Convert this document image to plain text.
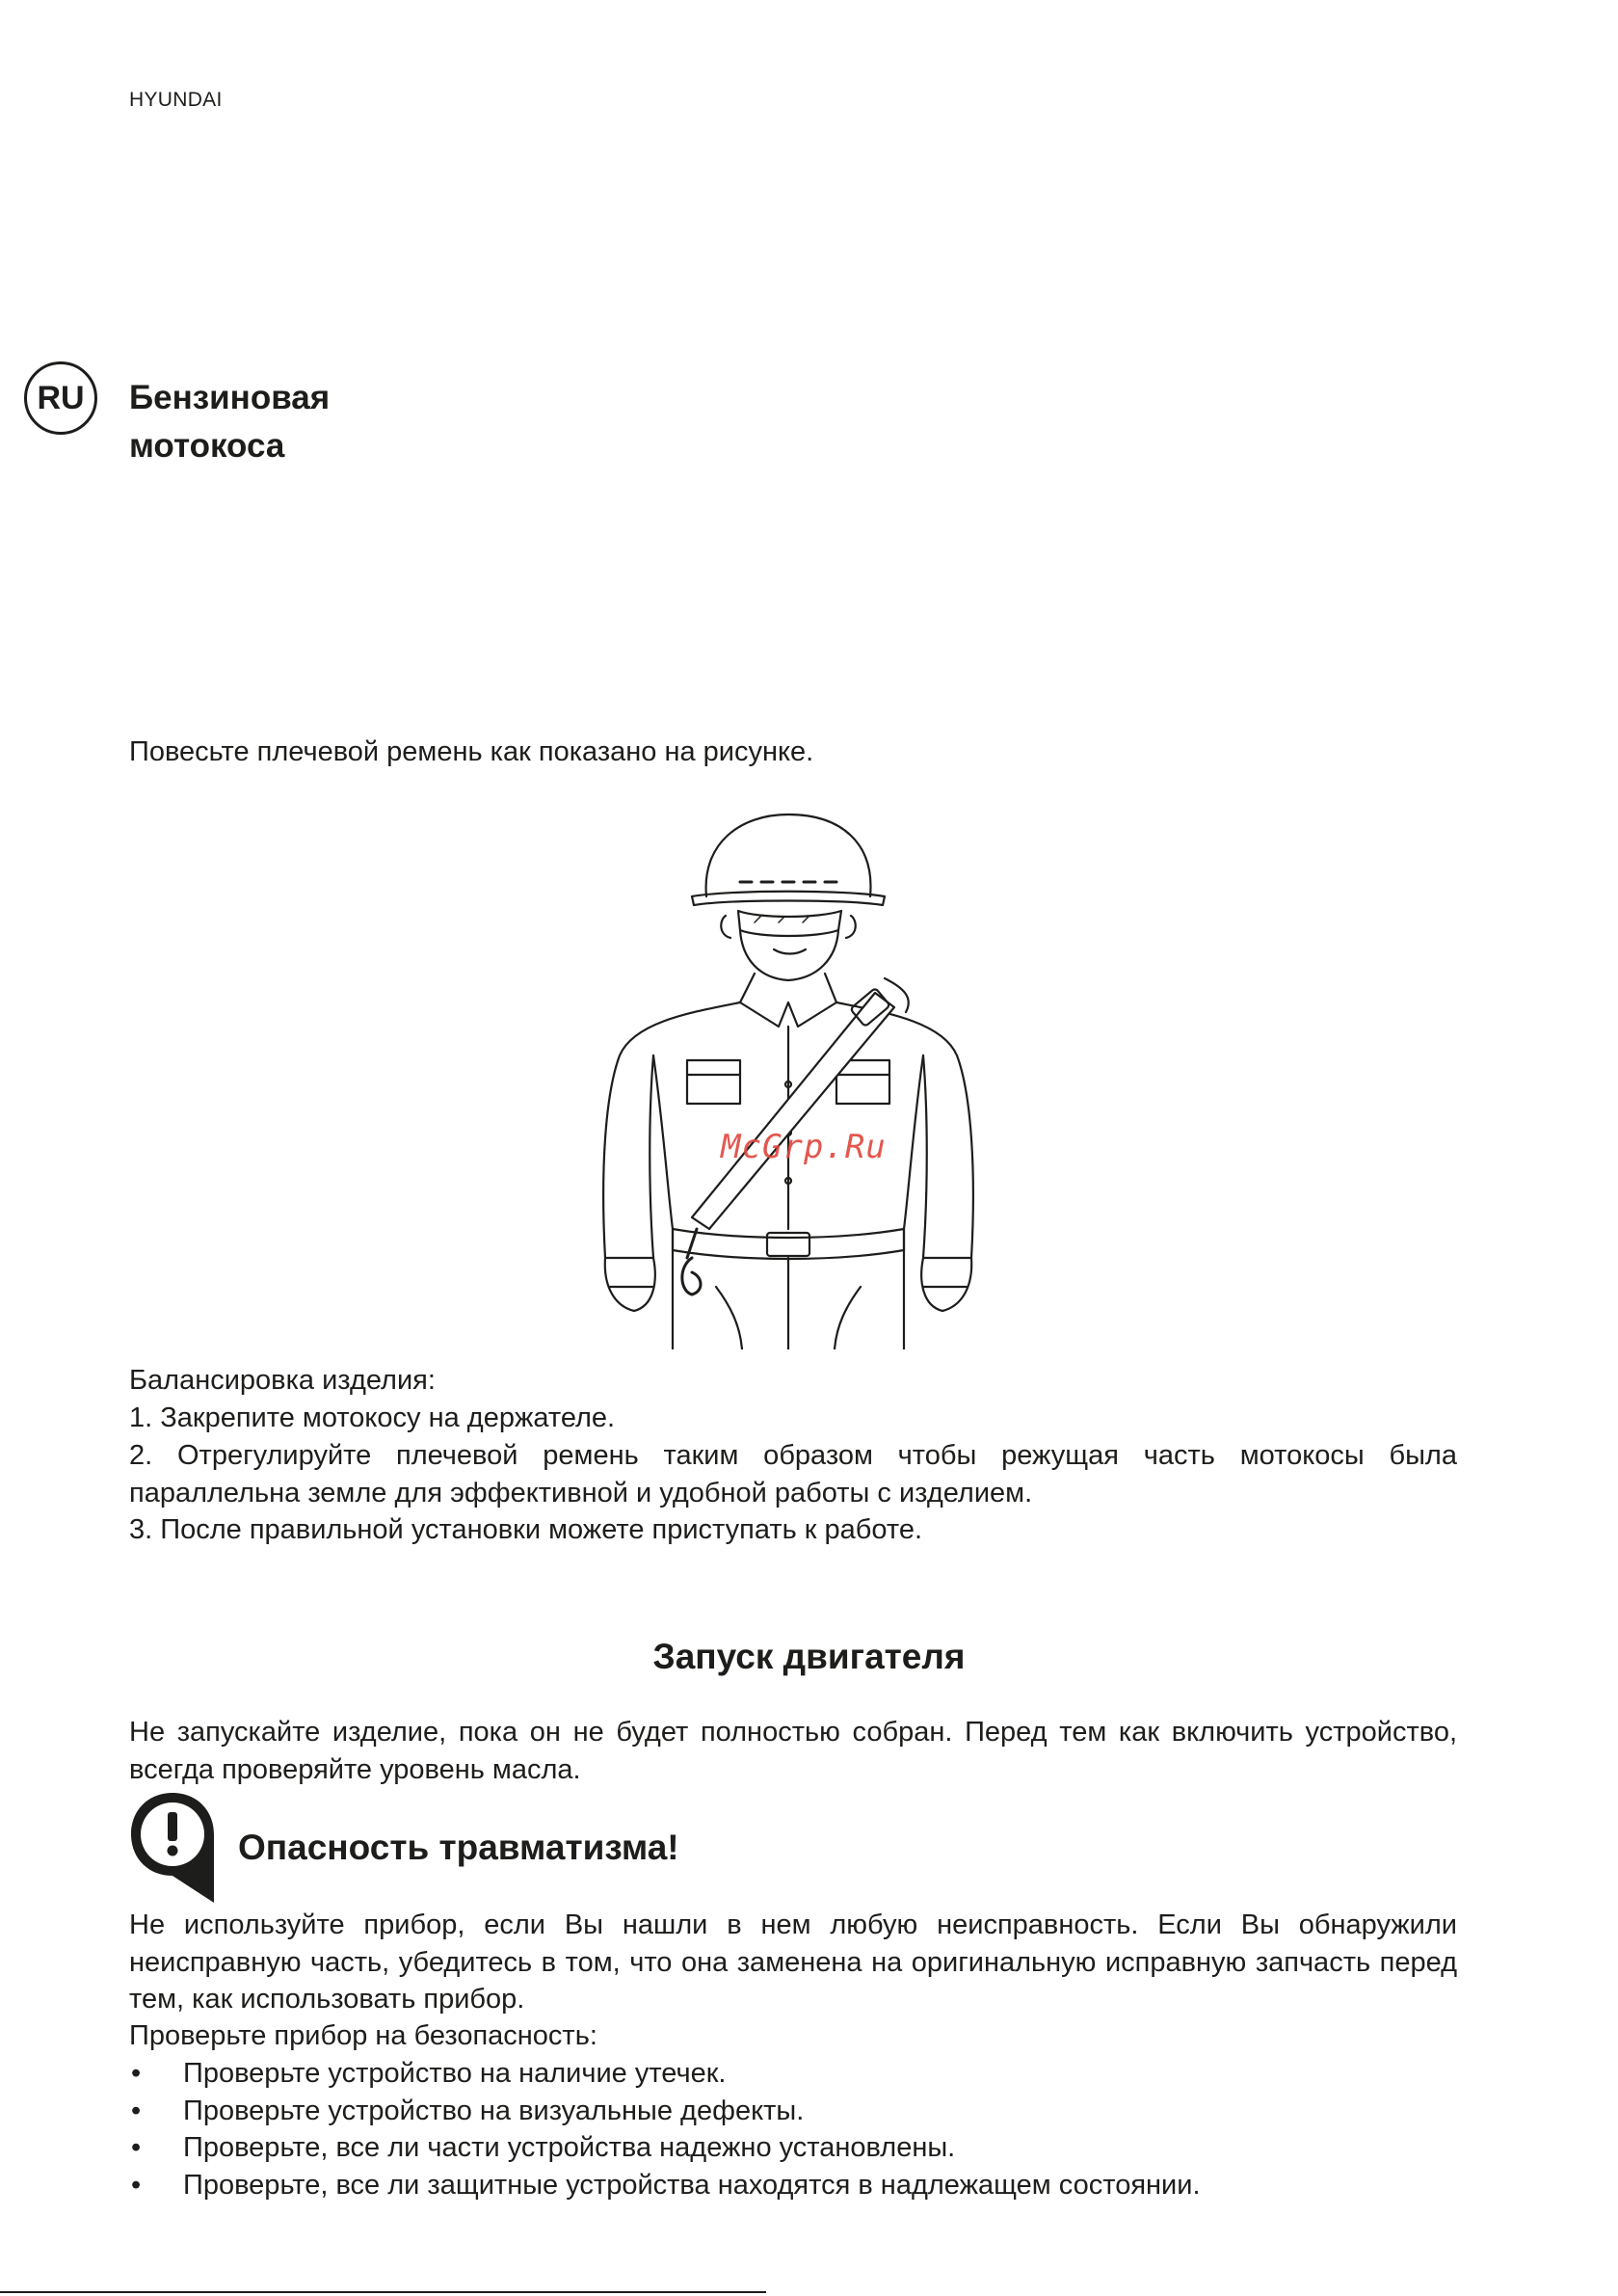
HYUNDAI
RU	Бензиновая
мотокоса
Повесьте плечевой ремень как показано на рисунке.
McGrp.Ru
Балансировка изделия:
1. Закрепите мотокосу на держателе.
2. Отрегулируйте плечевой ремень таким образом чтобы режущая часть мотокосы была параллельна земле для эффективной и удобной работы с изделием.
3. После правильной установки можете приступать к работе.
Запуск двигателя
Не запускайте изделие, пока он не будет полностью собран. Перед тем как включить устройство, всегда проверяйте уровень масла.
Опасность травматизма!
Не используйте прибор, если Вы нашли в нем любую неисправность. Если Вы обнаружили неисправную часть, убедитесь в том, что она заменена на оригинальную исправную запчасть перед тем, как использовать прибор.
Проверьте прибор на безопасность:
• Проверьте устройство на наличие утечек.
• Проверьте устройство на визуальные дефекты.
• Проверьте, все ли части устройства надежно установлены.
• Проверьте, все ли защитные устройства находятся в надлежащем состоянии.
